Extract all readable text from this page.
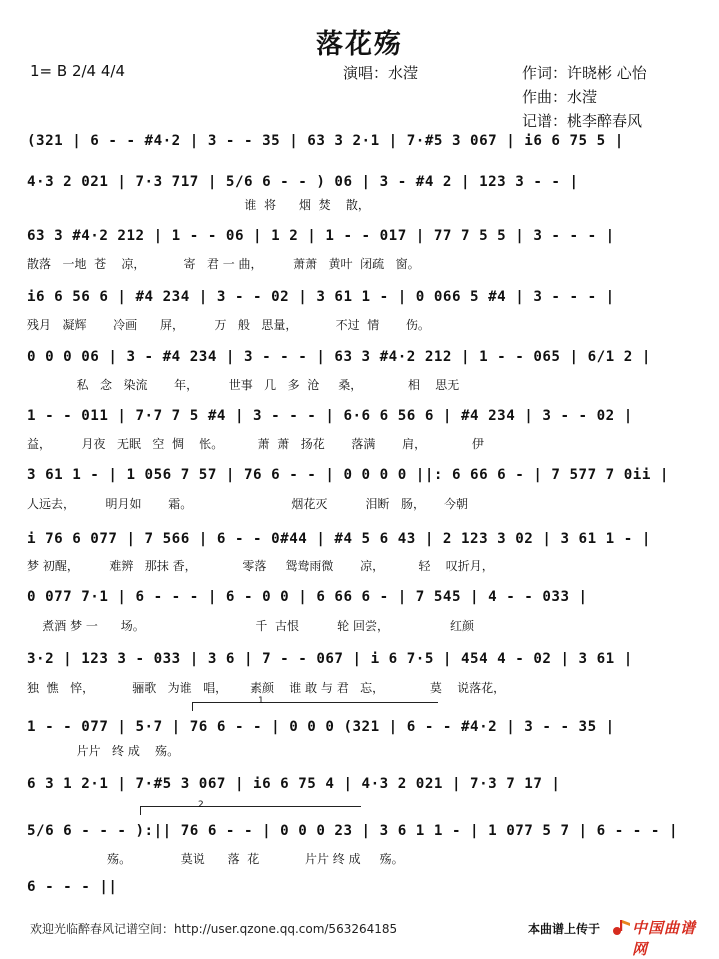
落花殇
1= B 2/4 4/4	演唱：水滢	作词：许晓彬 心怡
作曲：水滢
记谱：桃李醉春风
(321 | 6 - - #4·2 | 3 - - 35 | 63 3 2·1 | 7·#5 3 067 | i6 6 75 5 |
4·3 2 021 | 7·3 717 | 5/6 6 - - ) 06 | 3 - #4 2 | 123 3 - - |
谁  将      烟  焚    散，
63 3 #4·2 212 | 1 - - 06 | 1 2 | 1 - - 017 | 77 7 5 5 | 3 - - - |
散落   一地  苍    凉，          寄   君 一 曲，        萧萧   黄叶  闭疏   窗。
i6 6 56 6 | #4 234 | 3 - - 02 | 3 61 1 - | 0 066 5 #4 | 3 - - - |
残月   凝辉       冷画      屏，        万   般   思量，          不过  情       伤。
0 0 0 06 | 3 - #4 234 | 3 - - - | 63 3 #4·2 212 | 1 - - 065 | 6/1 2 |
私   念   染流       年，        世事   几   多  沧     桑，            相    思无
1 - - 011 | 7·7 7 5 #4 | 3 - - - | 6·6 6 56 6 | #4 234 | 3 - - 02 |
益，        月夜   无眠   空  惆    怅。         萧  萧   扬花       落满       肩，            伊
3 61 1 - | 1 056 7 57 | 76 6 - - | 0 0 0 0 ||: 6 66 6 - | 7 577 7 0ii |
人远去，        明月如       霜。                          烟花灭          泪断   肠，     今朝
i 76 6 077 | 7 566 | 6 - - 0#44 | #4 5 6 43 | 2 123 3 02 | 3 61 1 - |
梦 初醒，        难辨   那抹 香，            零落     鸳鸯雨微       凉，         轻    叹折月，
0 077 7·1 | 6 - - - | 6 - 0 0 | 6 66 6 - | 7 545 | 4 - - 033 |
煮酒 梦 一      场。                             千  古恨          轮 回尝，                红颜
3·2 | 123 3 - 033 | 3 6 | 7 - - 067 | i 6 7·5 | 454 4 - 02 | 3 61 |
独  憔   悴，          骊歌   为谁   唱，      素颜    谁 敢 与 君   忘，            莫    说落花，
1
1 - - 077 | 5·7 | 76 6 - - | 0 0 0 (321 | 6 - - #4·2 | 3 - - 35 |
片片   终 成    殇。
6 3 1 2·1 | 7·#5 3 067 | i6 6 75 4 | 4·3 2 021 | 7·3 7 17 |
2
5/6 6 - - - ):|| 76 6 - - | 0 0 0 23 | 3 6 1 1 - | 1 077 5 7 | 6 - - - |
殇。             莫说      落  花            片片 终 成     殇。
6 - - - ||
欢迎光临醉春风记谱空间：http://user.qzone.qq.com/563264185	本曲谱上传于 中国曲谱网
